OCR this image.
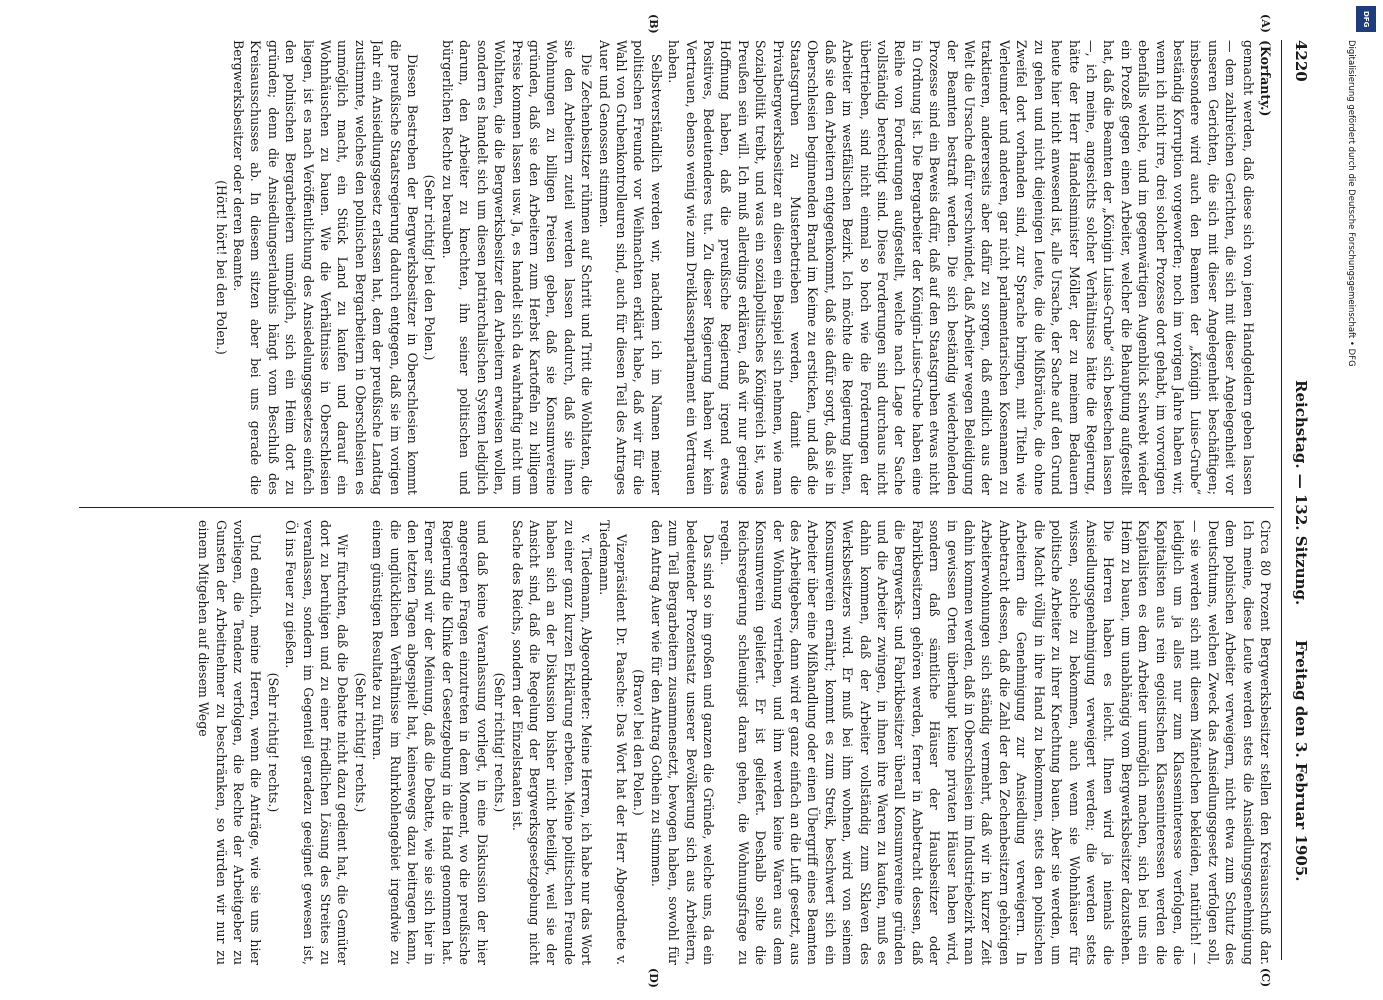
4220
Reichstag. — 132. Sitzung.
Freitag den 3. Februar 1905.

(Korfanty.)

gemacht werden, daß diese sich von jenen Handgeldern geben lassen — dem zahlreichen Gerichten, die sich mit dieser Angelegenheit vor unseren Gerichten, die sich mit dieser Angelegenheit beschäftigen; insbesondere wird auch den Beamten der „Königin Luise-Grube“ beständig Korruption vorgeworfen; noch im vorigen Jahre haben wir, wenn ich nicht irre, drei solcher Prozesse dort gehabt, im vorvorigen ebenfalls welche, und im gegenwärtigen Augenblick schwebt wieder ein Prozeß gegen einen Arbeiter, welcher die Behauptung aufgestellt hat, daß die Beamten der „Königin Luise-Grube“ sich bestechen lassen —, ich meine, angesichts solcher Verhältnisse hätte die Regierung, hätte der Herr Handelsminister Möller, der zu meinem Bedauern heute hier nicht anwesend ist, alle Ursache, der Sache auf den Grund zu gehen und nicht diejenigen Leute, die die Mißbräuche, die ohne Zweifel dort vorhanden sind, zur Sprache bringen, mit Titeln wie Verleumder und anderen, gar nicht parlamentarischen Kosenamen zu traktieren, andererseits aber dafür zu sorgen, daß endlich aus der Welt die Ursache dafür verschwindet, daß Arbeiter wegen Beleidigung der Beamten bestraft werden. Die sich beständig wiederholenden Prozesse sind ein Beweis dafür, daß auf den Staatsgruben etwas nicht in Ordnung ist. Die Bergarbeiter der Königin-Luise-Grube haben eine Reihe von Forderungen aufgestellt, welche nach Lage der Sache vollständig berechtigt sind. Diese Forderungen sind durchaus nicht übertrieben, sind nicht einmal so hoch wie die Forderungen der Arbeiter im westfälischen Bezirk. Ich möchte die Regierung bitten, daß sie den Arbeitern entgegenkommt, daß sie dafür sorgt, daß sie in Oberschlesien beginnenden Brand im Keime zu ersticken, und daß die Staatsgruben zu Musterbetrieben werden, damit die Privatbergwerksbesitzer an diesen ein Beispiel sich nehmen, wie man Sozialpolitik treibt, und was ein sozialpolitisches Königreich ist, was Preußen sein will. Ich muß allerdings erklären, daß wir nur geringe Hoffnung haben, daß die preußische Regierung irgend etwas Positives, Bedeutenderes tut. Zu dieser Regierung haben wir kein Vertrauen, ebenso wenig wie zum Dreiklassenparlament ein Vertrauen haben.

Selbstverständlich werden wir, nachdem ich im Namen meiner politischen Freunde vor Weihnachten erklärt habe, daß wir für die Wahl von Grubenkontrolleuren sind, auch für diesen Teil des Antrages Auer und Genossen stimmen.

Die Zechenbesitzer rühmen auf Schritt und Tritt die Wohltaten, die sie den Arbeitern zuteil werden lassen dadurch, daß sie ihnen Wohnungen zu billigen Preisen geben, daß sie Konsumvereine gründen, daß sie den Arbeitern zum Herbst Kartoffeln zu billigem Preise kommen lassen usw. Ja, es handelt sich da wahrhaftig nicht um Wohltaten, die die Bergwerksbesitzer den Arbeitern erweisen wollen, sondern es handelt sich um diesen patriarchalischen System lediglich darum, den Arbeiter zu knechten, ihn seiner politischen und bürgerlichen Rechte zu berauben.

(Sehr richtig! bei den Polen.)

Diesen Bestreben der Bergwerksbesitzer in Oberschlesien kommt die preußische Staatsregierung dadurch entgegen, daß sie im vorigen Jahr ein Ansiedlungsgesetz erlassen hat, dem der preußische Landtag zustimmte, welches den polnischen Bergarbeitern in Oberschlesien es unmöglich macht, ein Stück Land zu kaufen und darauf ein Wohnhäuschen zu bauen. Wie die Verhältnisse in Oberschlesien liegen, ist es nach Veröffentlichung des Ansiedelungsgesetzes einfach den polnischen Bergarbeitern unmöglich, sich ein Heim dort zu gründen; denn die Ansiedlungserlaubnis hängt vom Beschluß des Kreisausschusses ab. In diesem sitzen aber bei uns gerade die Bergwerksbesitzer oder deren Beamte.

(Hört! hört! bei den Polen.)

Circa 80 Prozent Bergwerksbesitzer stellen den Kreisausschuß dar. Ich meine, diese Leute werden stets die Ansiedlungsgenehmigung dem polnischen Arbeiter verweigern, nicht etwa zum Schutz des Deutschtums, welchen Zweck das Ansiedlungsgesetz verfolgen soll, — sie werden sich mit diesem Mäntelchen bekleiden, natürlich! — lediglich um ja alles nur zum Klasseninteresse verfolgen, die Kapitalisten aus rein egoistischen Klasseninteressen werden die Kapitalisten es dem Arbeiter unmöglich machen, sich bei uns ein Heim zu bauen, um unabhängig vom Bergwerksbesitzer dazustehen. Die Herren haben es leicht. Ihnen wird ja niemals die Ansiedlungsgenehmigung verweigert werden; die werden stets wissen, solche zu bekommen, auch wenn sie Wohnhäuser für politische Arbeiter zu ihrer Knechtung bauen. Aber sie werden, um die Macht völlig in ihre Hand zu bekommen, stets den polnischen Arbeitern die Genehmigung zur Ansiedlung verweigern. In Anbetracht dessen, daß die Zahl der den Zechenbesitzern gehörigen Arbeiterwohnungen sich ständig vermehrt, daß wir in kurzer Zeit dahin kommen werden, daß in Oberschlesien im Industriebezirk man in gewissen Orten überhaupt keine privaten Häuser haben wird, sondern daß sämtliche Häuser der Hausbesitzer oder Fabrikbesitzern gehören werden, ferner in Anbetracht dessen, daß die Bergwerks- und Fabrikbesitzer überall Konsumvereine gründen und die Arbeiter zwingen, in ihnen ihre Waren zu kaufen, muß es dahin kommen, daß der Arbeiter vollständig zum Sklaven des Werksbesitzers wird. Er muß bei ihm wohnen, wird von seinem Konsumverein ernährt; kommt es zum Streik, beschwert sich ein Arbeiter über eine Mißhandlung oder einen Übergriff eines Beamten des Arbeitgebers, dann wird er ganz einfach an die Luft gesetzt, aus der Wohnung vertrieben, und ihm werden keine Waren aus dem Konsumverein geliefert. Er ist geliefert. Deshalb sollte die Reichsregierung schleunigst daran gehen, die Wohnungsfrage zu regeln.

Das sind so im großen und ganzen die Gründe, welche uns, da ein bedeutender Prozentsatz unserer Bevölkerung sich aus Arbeitern, zum Teil Bergarbeitern zusammensetzt, bewogen haben, sowohl für den Antrag Auer wie für den Antrag Gothein zu stimmen.

(Bravo! bei den Polen.)

Vizepräsident Dr. Paasche: Das Wort hat der Herr Abgeordnete v. Tiedemann.

v. Tiedemann, Abgeordneter: Meine Herren, ich habe nur das Wort zu einer ganz kurzen Erklärung erbeten. Meine politischen Freunde haben sich an der Diskussion bisher nicht beteiligt, weil sie der Ansicht sind, daß die Regelung der Bergwerksgesetzgebung nicht Sache des Reichs, sondern der Einzelstaaten ist.

(Sehr richtig! rechts.)

und daß keine Veranlassung vorliegt, in eine Diskussion der hier angeregten Fragen einzutreten in dem Moment, wo die preußische Regierung die Klinke der Gesetzgebung in die Hand genommen hat. Ferner sind wir der Meinung, daß die Debatte, wie sie sich hier in den letzten Tagen abgespielt hat, keineswegs dazu beitragen kann, die unglücklichen Verhältnisse im Ruhrkohlengebiet irgendwie zu einem günstigen Resultate zu führen.

(Sehr richtig! rechts.)

Wir fürchten, daß die Debatte nicht dazu gedient hat, die Gemüter dort zu beruhigen und zu einer friedlichen Lösung des Streites zu veranlassen, sondern im Gegenteil geradezu geeignet gewesen ist, Öl ins Feuer zu gießen.

(Sehr richtig! rechts.)

Und endlich, meine Herren, wenn die Anträge, wie sie uns hier vorliegen, die Tendenz verfolgen, die Rechte der Arbeitgeber zu Gunsten der Arbeitnehmer zu beschränken, so würden wir nur zu einem Mitgehen auf diesem Wege

(A)
(B)
(C)
(D)
DFG
Digitalisierung gefördert durch die Deutsche Forschungsgemeinschaft • DFG
